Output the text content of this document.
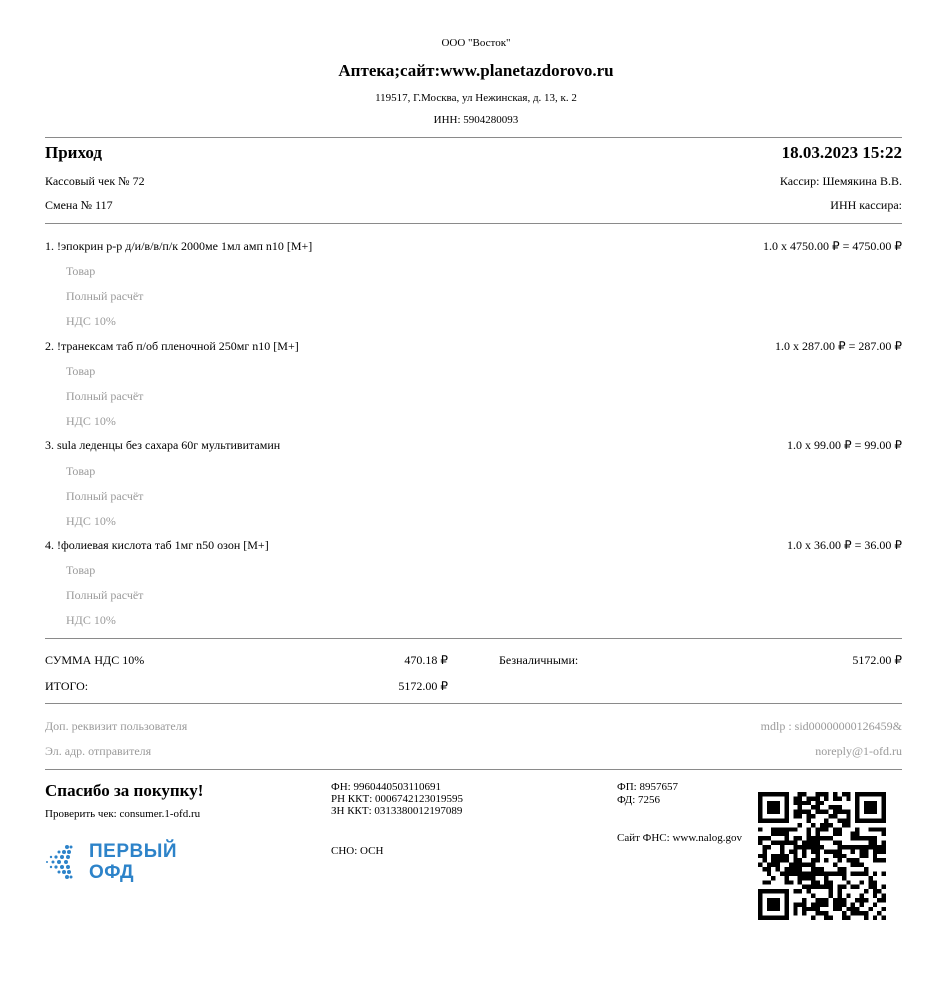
ООО "Восток"
Аптека;сайт:www.planetazdorovo.ru
119517, Г.Москва, ул Нежинская, д. 13, к. 2
ИНН: 5904280093
Приход	18.03.2023 15:22
Кассовый чек № 72	Кассир: Шемякина В.В.
Смена № 117	ИНН кассира:
1. !эпокрин р-р д/и/в/в/п/к 2000ме 1мл амп n10 [M+]	1.0 x 4750.00 ₽ = 4750.00 ₽
Товар
Полный расчёт
НДС 10%
2. !транексам таб п/об пленочной 250мг n10 [M+]	1.0 x 287.00 ₽ = 287.00 ₽
Товар
Полный расчёт
НДС 10%
3. sula леденцы без сахара 60г мультивитамин	1.0 x 99.00 ₽ = 99.00 ₽
Товар
Полный расчёт
НДС 10%
4. !фолиевая кислота таб 1мг n50 озон [M+]	1.0 x 36.00 ₽ = 36.00 ₽
Товар
Полный расчёт
НДС 10%
СУММА НДС 10%	470.18 ₽	Безналичными:	5172.00 ₽
ИТОГО:	5172.00 ₽
Доп. реквизит пользователя	mdlp : sid00000000126459&
Эл. адр. отправителя	noreply@1-ofd.ru
Спасибо за покупку!
Проверить чек: consumer.1-ofd.ru
ФН: 9960440503110691
РН ККТ: 0006742123019595
ЗН ККТ: 0313380012197089
СНО: ОСН
ФП: 8957657
ФД: 7256
Сайт ФНС: www.nalog.gov
ПЕРВЫЙ
ОФД
